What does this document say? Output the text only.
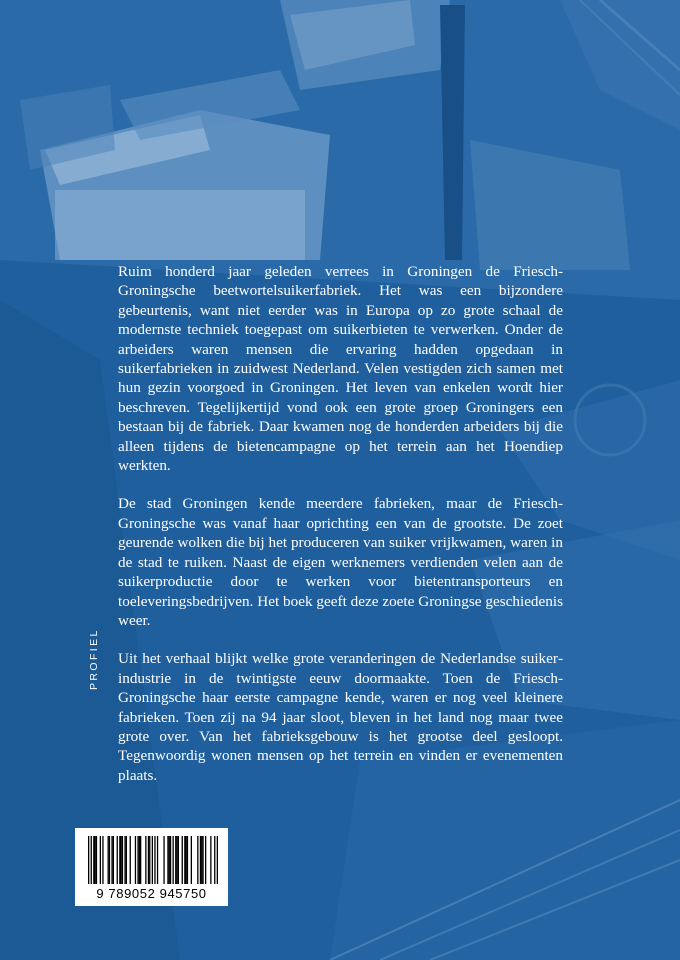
Ruim honderd jaar geleden verrees in Groningen de Friesch-Groningsche beetwortelsuikerfabriek. Het was een bijzondere gebeurtenis, want niet eerder was in Europa op zo grote schaal de modernste techniek toegepast om suikerbieten te verwerken. Onder de arbeiders waren mensen die ervaring hadden opgedaan in suikerfabrieken in zuidwest Nederland. Velen vestigden zich samen met hun gezin voorgoed in Groningen. Het leven van enkelen wordt hier beschreven. Tegelijkertijd vond ook een grote groep Groningers een bestaan bij de fabriek. Daar kwamen nog de honderden arbeiders bij die alleen tijdens de bietencampagne op het terrein aan het Hoendiep werkten.

De stad Groningen kende meerdere fabrieken, maar de Friesch-Groningsche was vanaf haar oprichting een van de grootste. De zoet geurende wolken die bij het produceren van suiker vrijkwamen, waren in de stad te ruiken. Naast de eigen werknemers verdienden velen aan de suikerproductie door te werken voor bietentransporteurs en toeleveringsbedrijven. Het boek geeft deze zoete Groningse geschiedenis weer.

Uit het verhaal blijkt welke grote veranderingen de Nederlandse suikerindustrie in de twintigste eeuw doormaakte. Toen de Friesch-Groningsche haar eerste campagne kende, waren er nog veel kleinere fabrieken. Toen zij na 94 jaar sloot, bleven in het land nog maar twee grote over. Van het fabrieksgebouw is het grootse deel gesloopt. Tegenwoordig wonen mensen op het terrein en vinden er evenementen plaats.

PROFIEL
9 789052 945750
